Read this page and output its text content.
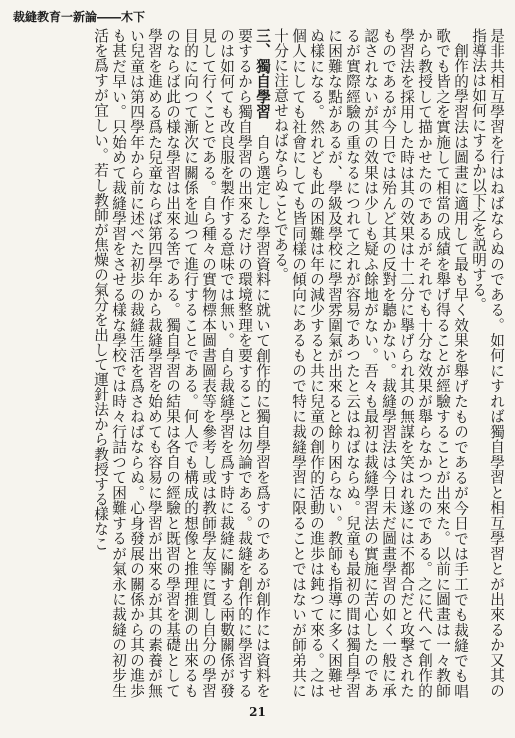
裁縫教育一新論――木下

是非共相互學習を行はねばならぬのである。如何にすれば獨自學習と相互學習とが出來るか又其の指導法は如何にするか以下之を説明する。

創作的學習法は圖畫に適用して最も早く效果を舉げたものであるが今日では手工でも裁縫でも唱歌でも皆之を實施して相當の成績を舉げ得ることが經驗することが出來た。以前に圖畫は一々教師から教授して描かせたのであるがそれでも十分な效果が舉らなかつたのである。之に代へて創作的學習法を採用した時は其の效果は十二分に擧げられ其の無謀を笑はれ遂には不都合だと攻撃されたものであるが今日では殆んど其の反對を聽かない。裁縫學習法は今日未だ圖畫學習の如く一般に承認されないが其の效果は少しも疑ふ餘地がない。吾々も最初は裁縫學習法の實施に苦心したのであるが實際經驗の重なるにつれて之れが容易であつたと云はねばならぬ。兒童も最初の間は獨自學習に困難な點があるが、學級及學校に學習雰圍氣が出來ると餘り困らない。教師も指導に多く困難せぬ樣になる。然れども此の困難は年の減少すると共に兒童の創作的活動の進歩は鈍つて來る。之は個人にしても社會にしても皆同樣の傾向にあるもので特に裁縫學習に限ることではないが師弟共に十分に注意せねばならぬことである。

三、獨自學習　自ら選定した學習資料に就いて創作的に獨自學習を爲すのであるが創作には資料を要するから獨自學習の出來るだけの環境整理を要することは勿論である。裁縫を創作的に學習するのは如何ても改良服を製作する意味では無い。自ら裁縫學習を爲す時に裁縫に關する兩數關係が發見して行くことである。自ら種々の實物標本圖書圖表等を參考し或は教師學友等に質し自分の學習目的に向つて漸次に關係を辿つて進行することである。何人でも構成的想像と推理推測の出來るものならば此の様な學習は出來る筈である。獨自學習の結果は各自の經驗と既習の學習を基礎として學習を進める爲た兒童ならば第四學年から裁縫學習を始めても容易に學習が出來るが其の素養が無い兒童は第四學年から前に述べた初歩の裁縫生活を爲さねばならぬ。心身發展の關係から其の進歩も甚だ早い。只始めて裁縫學習をさせる樣な學校では時々行詰つて困難するが氣永に裁縫の初步生活を爲すが宜しい。若し教師が焦燥の氣分を出して運針法から教授する樣なこ

21
